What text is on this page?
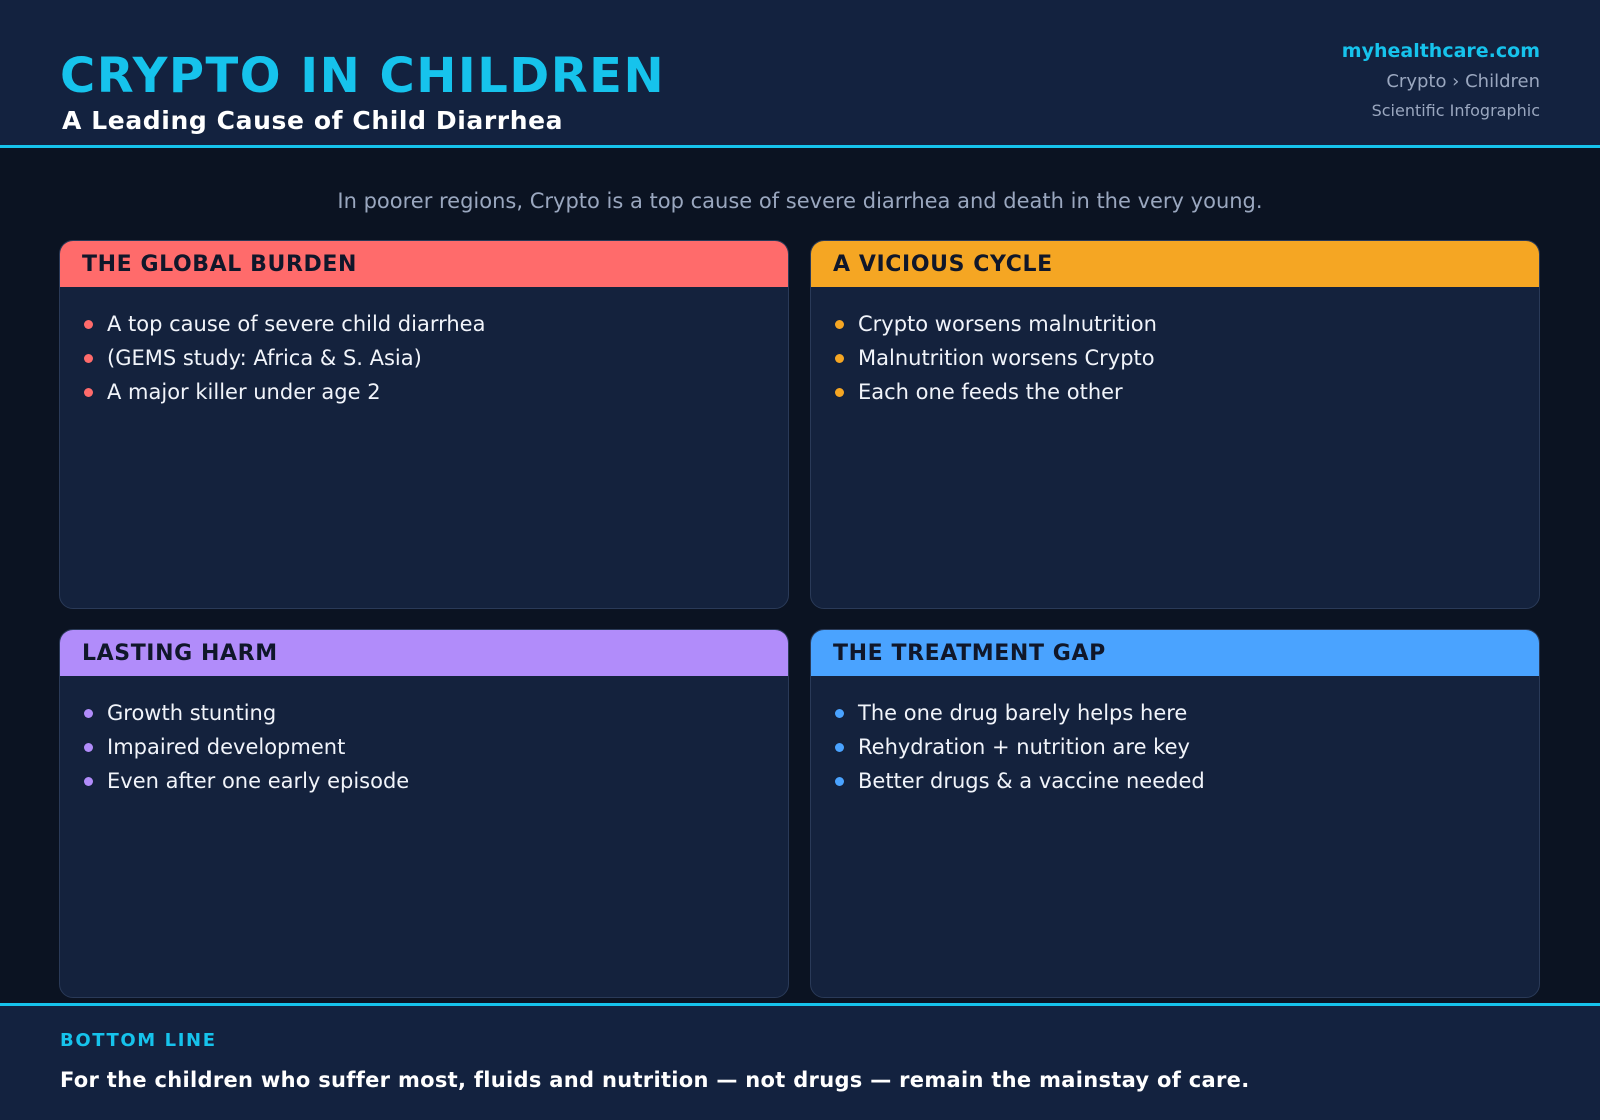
CRYPTO IN CHILDREN
A Leading Cause of Child Diarrhea
myhealthcare.com
Crypto › Children
Scientific Infographic
In poorer regions, Crypto is a top cause of severe diarrhea and death in the very young.
THE GLOBAL BURDEN
A top cause of severe child diarrhea
(GEMS study: Africa & S. Asia)
A major killer under age 2
A VICIOUS CYCLE
Crypto worsens malnutrition
Malnutrition worsens Crypto
Each one feeds the other
LASTING HARM
Growth stunting
Impaired development
Even after one early episode
THE TREATMENT GAP
The one drug barely helps here
Rehydration + nutrition are key
Better drugs & a vaccine needed
BOTTOM LINE
For the children who suffer most, fluids and nutrition — not drugs — remain the mainstay of care.
